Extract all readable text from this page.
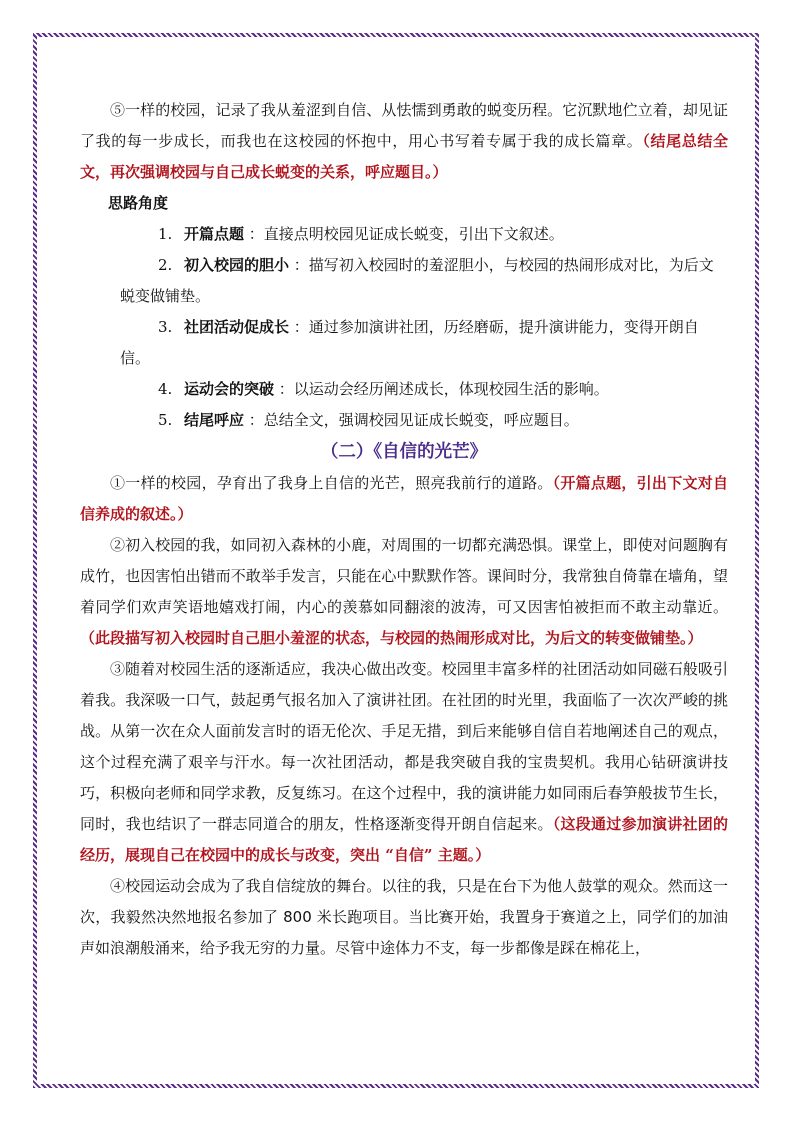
⑤一样的校园，记录了我从羞涩到自信、从怯懦到勇敢的蜕变历程。它沉默地伫立着，却见证了我的每一步成长，而我也在这校园的怀抱中，用心书写着专属于我的成长篇章。（结尾总结全文，再次强调校园与自己成长蜕变的关系，呼应题目。）

思路角度
1. 开篇点题 ：直接点明校园见证成长蜕变，引出下文叙述。
2. 初入校园的胆小 ：描写初入校园时的羞涩胆小，与校园的热闹形成对比，为后文蜕变做铺垫。
3. 社团活动促成长 ：通过参加演讲社团，历经磨砺，提升演讲能力，变得开朗自信。
4. 运动会的突破 ：以运动会经历阐述成长，体现校园生活的影响。
5. 结尾呼应 ：总结全文，强调校园见证成长蜕变，呼应题目。
（二）《自信的光芒》

①一样的校园，孕育出了我身上自信的光芒，照亮我前行的道路。（开篇点题，引出下文对自信养成的叙述。）

②初入校园的我，如同初入森林的小鹿，对周围的一切都充满恐惧。课堂上，即使对问题胸有成竹，也因害怕出错而不敢举手发言，只能在心中默默作答。课间时分，我常独自倚靠在墙角，望着同学们欢声笑语地嬉戏打闹，内心的羡慕如同翻滚的波涛，可又因害怕被拒而不敢主动靠近。（此段描写初入校园时自己胆小羞涩的状态，与校园的热闹形成对比，为后文的转变做铺垫。）

③随着对校园生活的逐渐适应，我决心做出改变。校园里丰富多样的社团活动如同磁石般吸引着我。我深吸一口气，鼓起勇气报名加入了演讲社团。在社团的时光里，我面临了一次次严峻的挑战。从第一次在众人面前发言时的语无伦次、手足无措，到后来能够自信自若地阐述自己的观点，这个过程充满了艰辛与汗水。每一次社团活动，都是我突破自我的宝贵契机。我用心钻研演讲技巧，积极向老师和同学求教，反复练习。在这个过程中，我的演讲能力如同雨后春笋般拔节生长，同时，我也结识了一群志同道合的朋友，性格逐渐变得开朗自信起来。（这段通过参加演讲社团的经历，展现自己在校园中的成长与改变，突出 “自信” 主题。）

④校园运动会成为了我自信绽放的舞台。以往的我，只是在台下为他人鼓掌的观众。然而这一次，我毅然决然地报名参加了 800 米长跑项目。当比赛开始，我置身于赛道之上，同学们的加油声如浪潮般涌来，给予我无穷的力量。尽管中途体力不支，每一步都像是踩在棉花上，
